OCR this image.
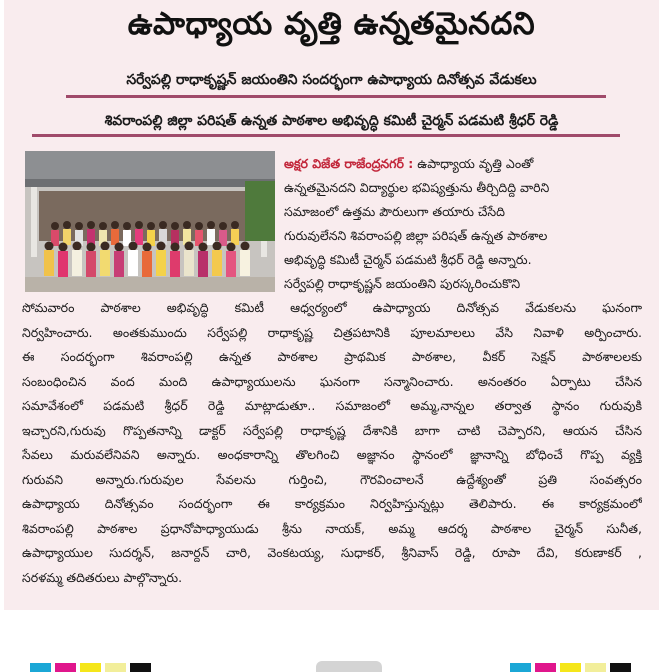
ఉపాధ్యాయ వృత్తి ఉన్నతమైనదని
సర్వేపల్లి రాధాకృష్ణన్ జయంతిని సందర్భంగా ఉపాధ్యాయ దినోత్సవ వేడుకలు
శివరాంపల్లి జిల్లా పరిషత్ ఉన్నత పాఠశాల అభివృద్ధి కమిటీ చైర్మన్ పడమటి శ్రీధర్ రెడ్డి
అక్షర విజేత రాజేంద్రనగర్ : ఉపాధ్యాయ వృత్తి ఎంతో
ఉన్నతమైనదని విద్యార్థుల భవిష్యత్తును తీర్చిదిద్ది వారిని
సమాజంలో ఉత్తమ పౌరులుగా తయారు చేసేది
గురువులేనని శివరాంపల్లి జిల్లా పరిషత్ ఉన్నత పాఠశాల
అభివృద్ధి కమిటీ చైర్మన్ పడమటి శ్రీధర్ రెడ్డి అన్నారు.
సర్వేపల్లి రాధాకృష్ణన్ జయంతిని పురస్కరించుకొని
సోమవారం పాఠశాల అభివృద్ధి కమిటీ ఆధ్వర్యంలో ఉపాధ్యాయ దినోత్సవ వేడుకలను ఘనంగా
నిర్వహించారు. అంతకుముందు సర్వేపల్లి రాధాకృష్ణ చిత్రపటానికి పూలమాలలు వేసి నివాళి అర్పించారు.
ఈ సందర్భంగా శివరాంపల్లి ఉన్నత పాఠశాల ప్రాథమిక పాఠశాల, వీకర్ సెక్షన్ పాఠశాలలకు
సంబంధించిన వంద మంది ఉపాధ్యాయులను ఘనంగా సన్మానించారు. అనంతరం ఏర్పాటు చేసిన
సమావేశంలో పడమటి శ్రీధర్ రెడ్డి మాట్లాడుతూ.. సమాజంలో అమ్మ,నాన్నల తర్వాత స్థానం గురువుకి
ఇచ్చారని,గురువు గొప్పతనాన్ని డాక్టర్ సర్వేపల్లి రాధాకృష్ణ దేశానికి బాగా చాటి చెప్పారని, ఆయన చేసిన
సేవలు మరువలేనివని అన్నారు. అంధకారాన్ని తొలగించి అజ్ఞానం స్థానంలో జ్ఞానాన్ని బోధించే గొప్ప వ్యక్తి
గురువని అన్నారు.గురువుల సేవలను గుర్తించి, గౌరవించాలనే ఉద్దేశ్యంతో ప్రతి సంవత్సరం
ఉపాధ్యాయ దినోత్సవం సందర్భంగా ఈ కార్యక్రమం నిర్వహిస్తున్నట్లు తెలిపారు. ఈ కార్యక్రమంలో
శివరాంపల్లి పాఠశాల ప్రధానోపాధ్యాయుడు శ్రీను నాయక్, అమ్మ ఆదర్శ పాఠశాల చైర్మన్ సునీత,
ఉపాధ్యాయుల సుదర్శన్, జనార్దన్ చారి, వెంకటయ్య, సుధాకర్, శ్రీనివాస్ రెడ్డి, రూపా దేవి, కరుణాకర్ ,
సరళమ్మ తదితరులు పాల్గొన్నారు.
